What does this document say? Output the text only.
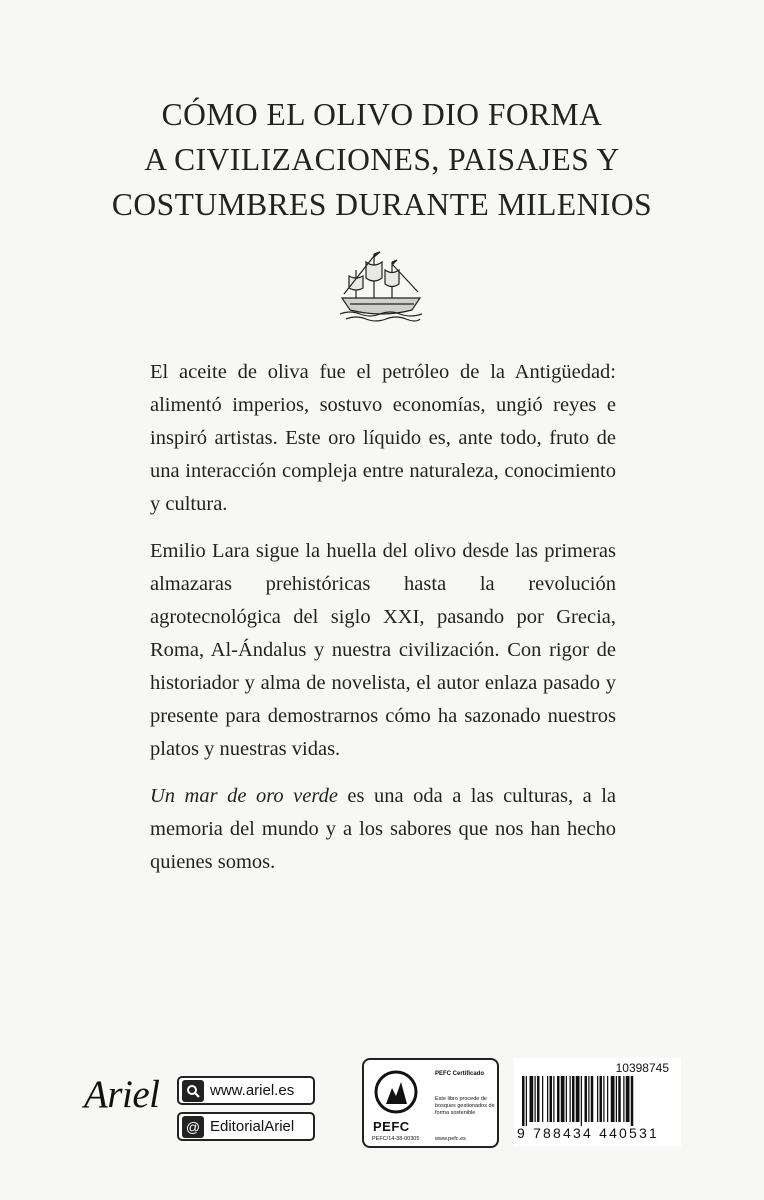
CÓMO EL OLIVO DIO FORMA
A CIVILIZACIONES, PAISAJES Y
COSTUMBRES DURANTE MILENIOS

El aceite de oliva fue el petróleo de la Antigüedad: alimentó imperios, sostuvo economías, ungió reyes e inspiró artistas. Este oro líquido es, ante todo, fruto de una interacción compleja entre naturaleza, conocimiento y cultura.

Emilio Lara sigue la huella del olivo desde las primeras almazaras prehistóricas hasta la revolución agrotecnológica del siglo XXI, pasando por Grecia, Roma, Al-Ándalus y nuestra civilización. Con rigor de historiador y alma de novelista, el autor enlaza pasado y presente para demostrarnos cómo ha sazonado nuestros platos y nuestras vidas.

Un mar de oro verde es una oda a las culturas, a la memoria del mundo y a los sabores que nos han hecho quienes somos.

Ariel	www.ariel.es
@ EditorialAriel	PEFC
PEFC/14-38-00305
PEFC Certificado
Este libro procede de bosques gestionados de forma sostenible
www.pefc.es
10398745
9 788434 440531
